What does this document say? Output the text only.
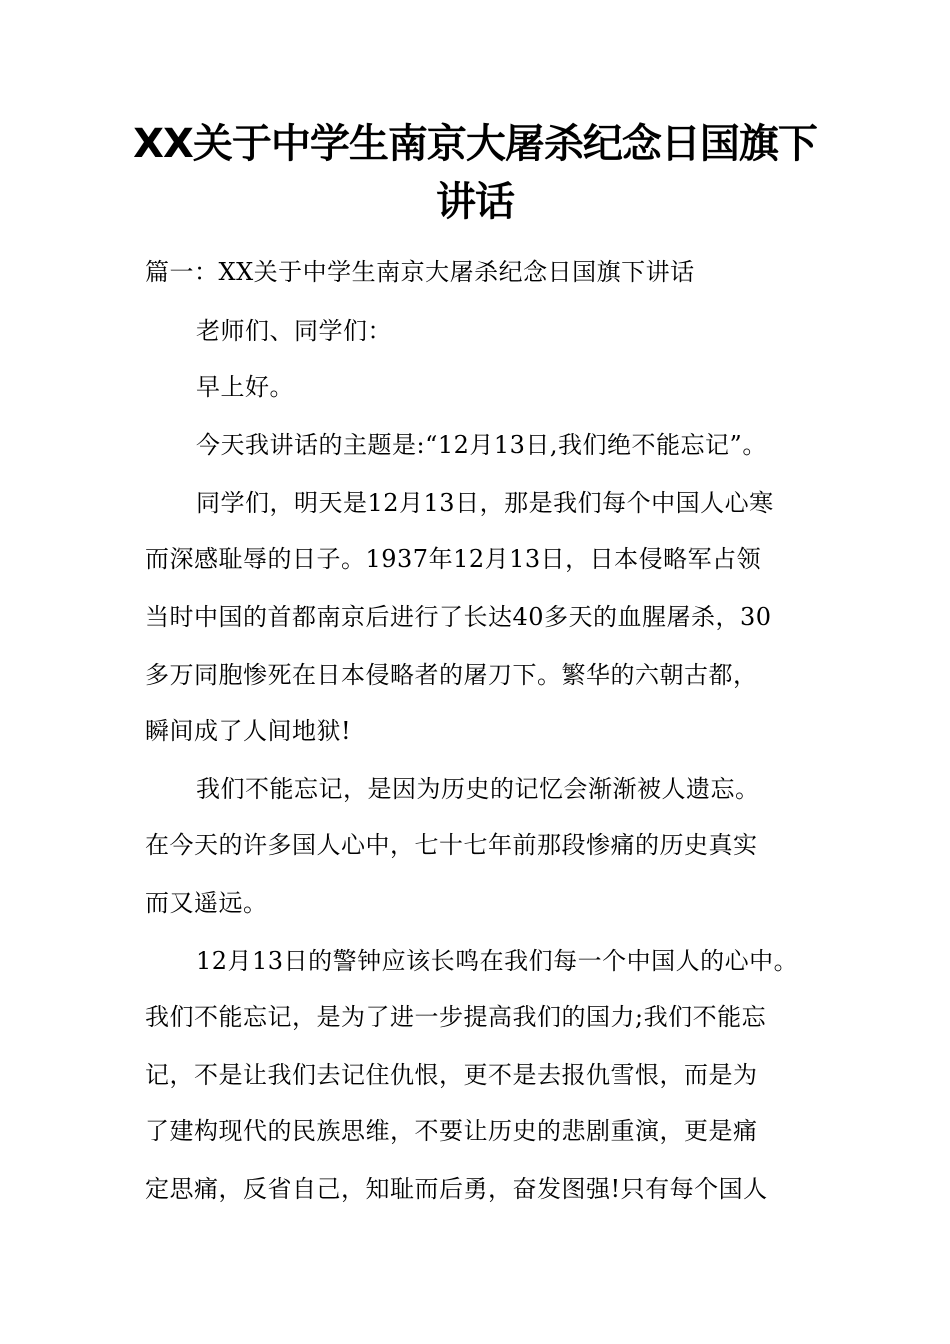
XX关于中学生南京大屠杀纪念日国旗下
讲话

篇一：XX关于中学生南京大屠杀纪念日国旗下讲话

老师们、同学们：

早上好。

今天我讲话的主题是:“12月13日,我们绝不能忘记”。

同学们，明天是12月13日，那是我们每个中国人心寒

而深感耻辱的日子。1937年12月13日，日本侵略军占领

当时中国的首都南京后进行了长达40多天的血腥屠杀，30

多万同胞惨死在日本侵略者的屠刀下。繁华的六朝古都，

瞬间成了人间地狱!

我们不能忘记，是因为历史的记忆会渐渐被人遗忘。

在今天的许多国人心中，七十七年前那段惨痛的历史真实

而又遥远。

12月13日的警钟应该长鸣在我们每一个中国人的心中。

我们不能忘记，是为了进一步提高我们的国力;我们不能忘

记，不是让我们去记住仇恨，更不是去报仇雪恨，而是为

了建构现代的民族思维，不要让历史的悲剧重演，更是痛

定思痛，反省自己，知耻而后勇，奋发图强!只有每个国人
